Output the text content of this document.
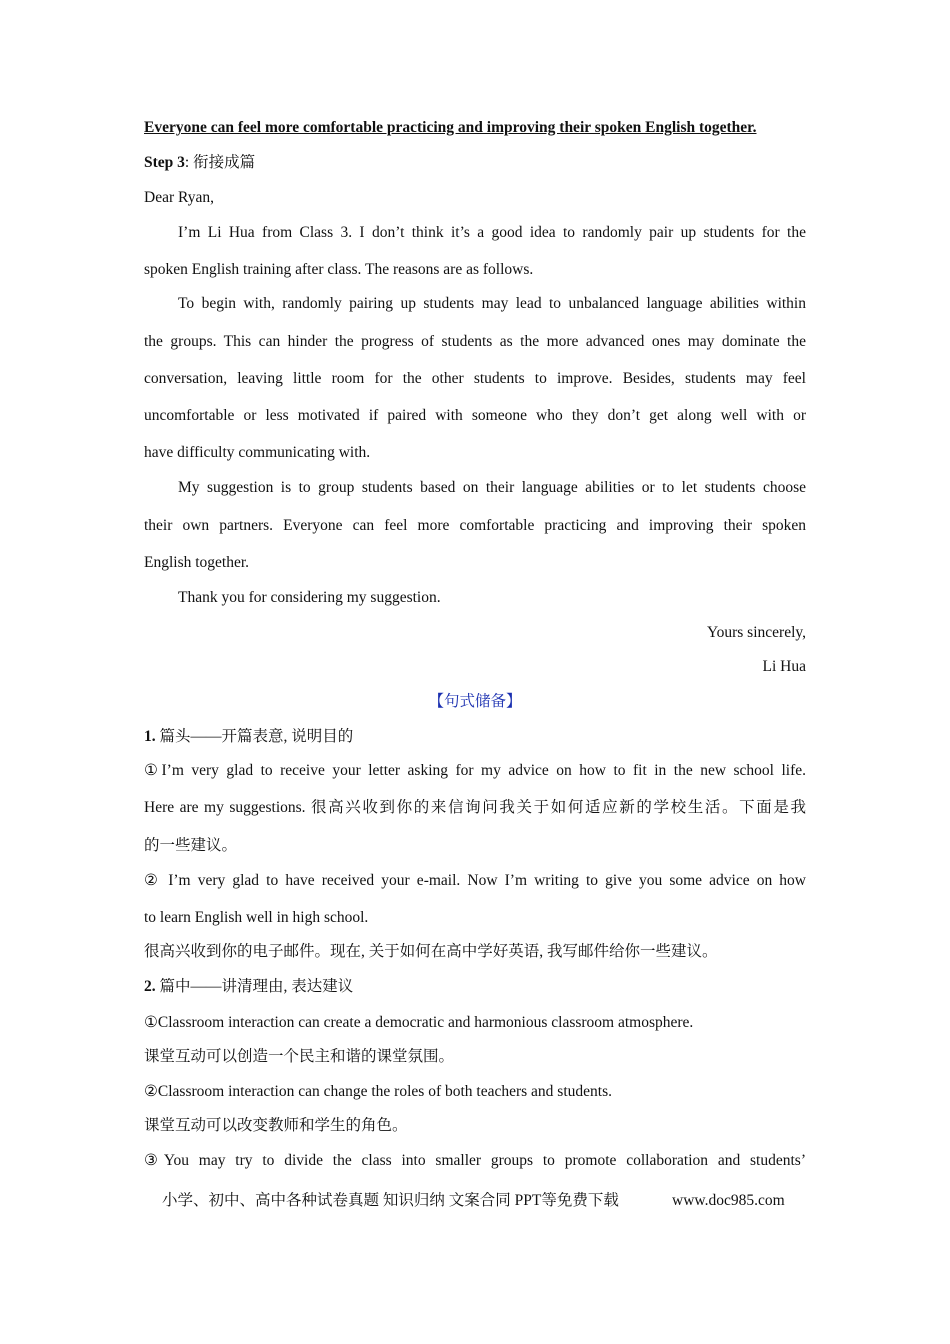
Everyone can feel more comfortable practicing and improving their spoken English together.
Step 3: 衔接成篇
Dear Ryan,
I’m Li Hua from Class 3. I don’t think it’s a good idea to randomly pair up students for the
spoken English training after class. The reasons are as follows.
To begin with, randomly pairing up students may lead to unbalanced language abilities within
the groups. This can hinder the progress of students as the more advanced ones may dominate the
conversation, leaving little room for the other students to improve. Besides, students may feel
uncomfortable or less motivated if paired with someone who they don’t get along well with or
have difficulty communicating with.
My suggestion is to group students based on their language abilities or to let students choose
their own partners. Everyone can feel more comfortable practicing and improving their spoken
English together.
Thank you for considering my suggestion.
Yours sincerely,
Li Hua
【句式储备】
1. 篇头——开篇表意, 说明目的
①I’m very glad to receive your letter asking for my advice on how to fit in the new school life.
Here are my suggestions. 很高兴收到你的来信询问我关于如何适应新的学校生活。下面是我
的一些建议。
② I’m very glad to have received your e-mail. Now I’m writing to give you some advice on how
to learn English well in high school.
很高兴收到你的电子邮件。现在, 关于如何在高中学好英语, 我写邮件给你一些建议。
2. 篇中——讲清理由, 表达建议
①Classroom interaction can create a democratic and harmonious classroom atmosphere.
课堂互动可以创造一个民主和谐的课堂氛围。
②Classroom interaction can change the roles of both teachers and students.
课堂互动可以改变教师和学生的角色。
③You may try to divide the class into smaller groups to promote collaboration and students’
小学、初中、高中各种试卷真题 知识归纳 文案合同 PPT等免费下载	www.doc985.com
